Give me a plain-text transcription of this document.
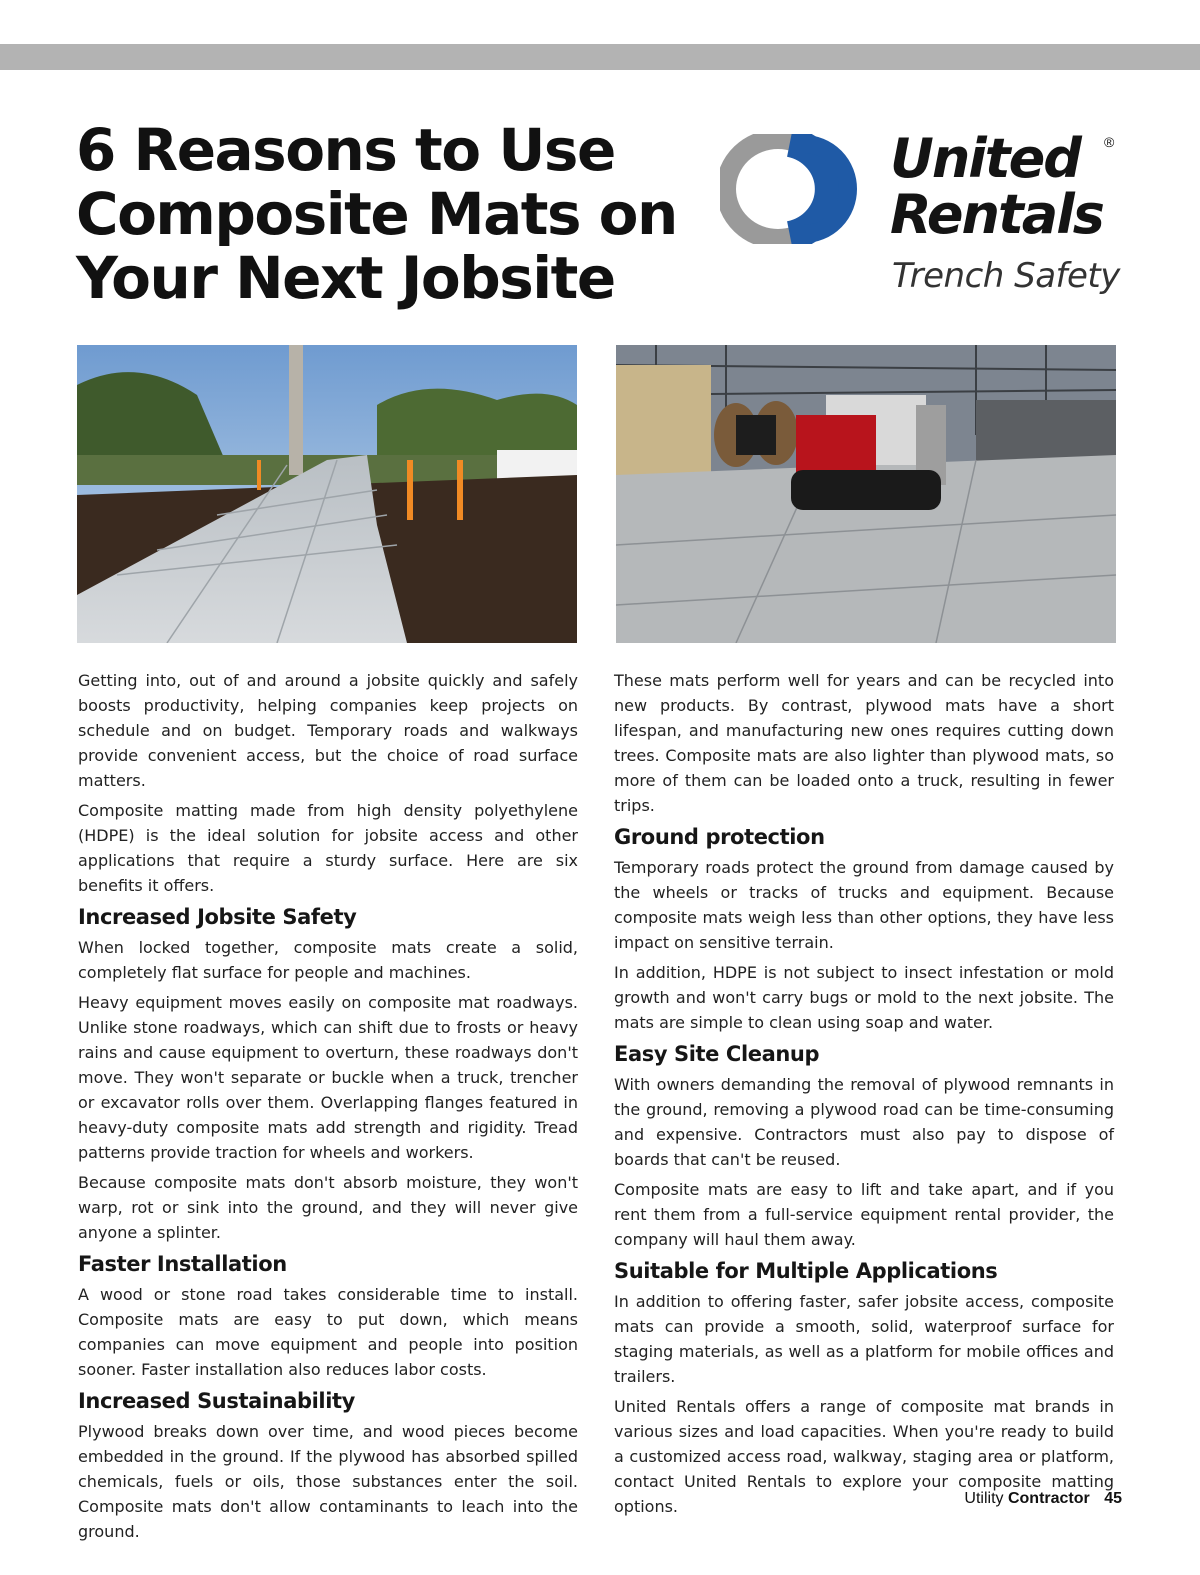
6 Reasons to Use
Composite Mats on
Your Next Jobsite
United ®
Rentals
Trench Safety

Getting into, out of and around a jobsite quickly and safely boosts productivity, helping companies keep projects on schedule and on budget. Temporary roads and walkways provide convenient access, but the choice of road surface matters.

Composite matting made from high density polyethylene (HDPE) is the ideal solution for jobsite access and other applications that require a sturdy surface. Here are six benefits it offers.

Increased Jobsite Safety

When locked together, composite mats create a solid, completely flat surface for people and machines.

Heavy equipment moves easily on composite mat roadways. Unlike stone roadways, which can shift due to frosts or heavy rains and cause equipment to overturn, these roadways don't move. They won't separate or buckle when a truck, trencher or excavator rolls over them. Overlapping flanges featured in heavy-duty composite mats add strength and rigidity. Tread patterns provide traction for wheels and workers.

Because composite mats don't absorb moisture, they won't warp, rot or sink into the ground, and they will never give anyone a splinter.

Faster Installation

A wood or stone road takes considerable time to install. Composite mats are easy to put down, which means companies can move equipment and people into position sooner. Faster installation also reduces labor costs.

Increased Sustainability

Plywood breaks down over time, and wood pieces become embedded in the ground. If the plywood has absorbed spilled chemicals, fuels or oils, those substances enter the soil. Composite mats don't allow contaminants to leach into the ground.

These mats perform well for years and can be recycled into new products. By contrast, plywood mats have a short lifespan, and manufacturing new ones requires cutting down trees. Composite mats are also lighter than plywood mats, so more of them can be loaded onto a truck, resulting in fewer trips.

Ground protection

Temporary roads protect the ground from damage caused by the wheels or tracks of trucks and equipment. Because composite mats weigh less than other options, they have less impact on sensitive terrain.

In addition, HDPE is not subject to insect infestation or mold growth and won't carry bugs or mold to the next jobsite. The mats are simple to clean using soap and water.

Easy Site Cleanup

With owners demanding the removal of plywood remnants in the ground, removing a plywood road can be time-consuming and expensive. Contractors must also pay to dispose of boards that can't be reused.

Composite mats are easy to lift and take apart, and if you rent them from a full-service equipment rental provider, the company will haul them away.

Suitable for Multiple Applications

In addition to offering faster, safer jobsite access, composite mats can provide a smooth, solid, waterproof surface for staging materials, as well as a platform for mobile offices and trailers.

United Rentals offers a range of composite mat brands in various sizes and load capacities. When you're ready to build a customized access road, walkway, staging area or platform, contact United Rentals to explore your composite matting options.	Utility Contractor 45
